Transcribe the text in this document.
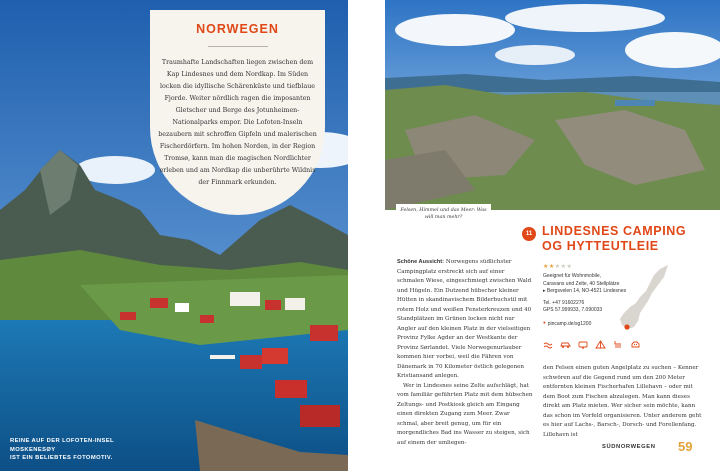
NORWEGEN
Traumhafte Landschaften liegen zwischen dem Kap Lindesnes und dem Nordkap. Im Süden locken die idyllische Schärenküste und tiefblaue Fjorde. Weiter nördlich ragen die imposanten Gletscher und Berge des Jotunheimen-Nationalparks empor. Die Lofoten-Inseln bezaubern mit schroffen Gipfeln und malerischen Fischerdörfern. Im hohen Norden, in der Region Tromsø, kann man die magischen Nordlichter erleben und am Nordkap die unberührte Wildnis der Finnmark erkunden.
REINE AUF DER LOFOTEN-INSEL MOSKENESØY
IST EIN BELIEBTES FOTOMOTIV.
Felsen, Himmel und das Meer: Was will man mehr?
11 LINDESNES CAMPING
OG HYTTEUTLEIE

Schöne Aussicht: Norwegens südlichster Campingplatz erstreckt sich auf einer schmalen Wiese, eingeschmiegt zwischen Wald und Hügeln. Ein Dutzend hübscher kleiner Hütten in skandinavischem Bilderbuchstil mit rotem Holz und weißen Fensterkreuzen und 40 Standplätzen im Grünen locken nicht nur Angler auf den kleinen Platz in der vielseitigen Provinz Fylke Agder an der Westkante der Provinz Sørlandet. Viele Norwegenurlauber kommen hier vorbei, weil die Fähren von Dänemark in 70 Kilometer östlich gelegenen Kristiansand anlegen.

Wer in Lindesnes seine Zelte aufschlägt, hat vom familiär geführten Platz mit dem hübschen Zeltungs- und Postkiosk gleich am Eingang einen direkten Zugang zum Meer. Zwar schmal, aber breit genug, um für ein morgendliches Bad ins Wasser zu steigen, sich auf einem der umliegen-

★★★★★
Geeignet für Wohnmobile,
Caravans und Zelte, 40 Stellplätze
▸ Bergsvelen 14, NO-4521 Lindesnes
Tel. +47 91602276
GPS 57.999933, 7.090033
● pincamp.de/sg1200

den Felsen einen guten Angelplatz zu suchen – Kenner schwören auf die Gegend rund um den 200 Meter entfernten kleinen Fischerhafen Lillehavn – oder mit dem Boot zum Fischen abzulegen. Man kann dieses direkt am Platz mieten. Wer sicher sein möchte, kann das schon im Vorfeld organisieren. Unter anderem geht es hier auf Lachs-, Barsch-, Dorsch- und Forellenfang. Lillehavn ist

SÜDNORWEGEN 59
